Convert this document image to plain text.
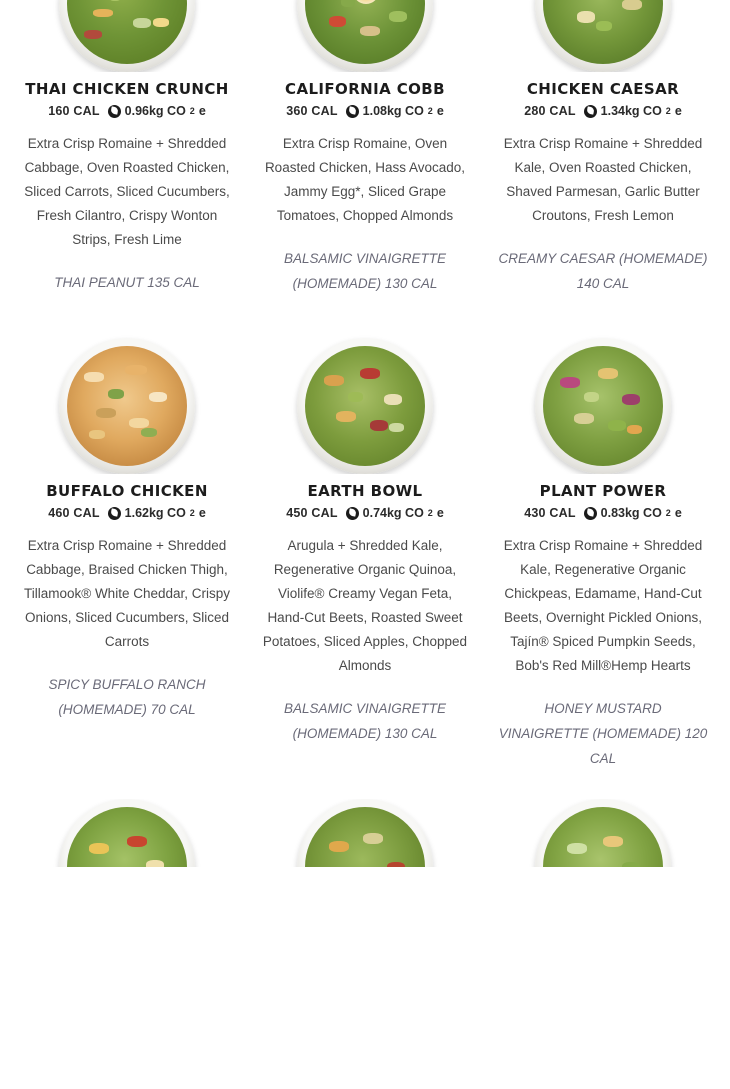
THAI CHICKEN CRUNCH
160 CAL 0.96kg CO 2 e
Extra Crisp Romaine + Shredded Cabbage, Oven Roasted Chicken, Sliced Carrots, Sliced Cucumbers, Fresh Cilantro, Crispy Wonton Strips, Fresh Lime
THAI PEANUT 135 CAL
CALIFORNIA COBB
360 CAL 1.08kg CO 2 e
Extra Crisp Romaine, Oven Roasted Chicken, Hass Avocado, Jammy Egg*, Sliced Grape Tomatoes, Chopped Almonds
BALSAMIC VINAIGRETTE (HOMEMADE) 130 CAL
CHICKEN CAESAR
280 CAL 1.34kg CO 2 e
Extra Crisp Romaine + Shredded Kale, Oven Roasted Chicken, Shaved Parmesan, Garlic Butter Croutons, Fresh Lemon
CREAMY CAESAR (HOMEMADE) 140 CAL
BUFFALO CHICKEN
460 CAL 1.62kg CO 2 e
Extra Crisp Romaine + Shredded Cabbage, Braised Chicken Thigh, Tillamook® White Cheddar, Crispy Onions, Sliced Cucumbers, Sliced Carrots
SPICY BUFFALO RANCH (HOMEMADE) 70 CAL
EARTH BOWL
450 CAL 0.74kg CO 2 e
Arugula + Shredded Kale, Regenerative Organic Quinoa, Violife® Creamy Vegan Feta, Hand-Cut Beets, Roasted Sweet Potatoes, Sliced Apples, Chopped Almonds
BALSAMIC VINAIGRETTE (HOMEMADE) 130 CAL
PLANT POWER
430 CAL 0.83kg CO 2 e
Extra Crisp Romaine + Shredded Kale, Regenerative Organic Chickpeas, Edamame, Hand-Cut Beets, Overnight Pickled Onions, Tajín® Spiced Pumpkin Seeds, Bob's Red Mill®Hemp Hearts
HONEY MUSTARD VINAIGRETTE (HOMEMADE) 120 CAL
